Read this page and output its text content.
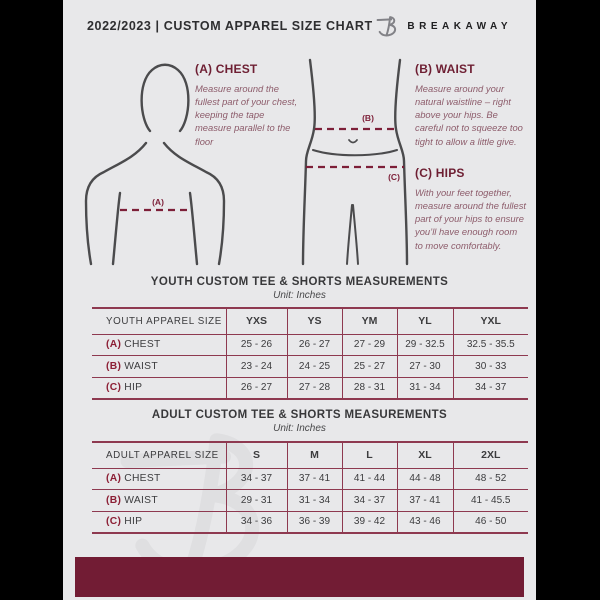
2022/2023 | CUSTOM APPAREL SIZE CHART	BREAKAWAY
(A)
(B)
(C)
(A) CHEST

Measure around the fullest part of your chest, keeping the tape measure parallel to the floor

(B) WAIST

Measure around your natural waistline – right above your hips. Be careful not to squeeze too tight to allow a little give.

(C) HIPS

With your feet together, measure around the fullest part of your hips to ensure you’ll have enough room to move comfortably.

YOUTH CUSTOM TEE & SHORTS MEASUREMENTS
Unit: Inches
YOUTH APPAREL SIZE	YXS	YS	YM	YL	YXL
(A) CHEST	25 - 26	26 - 27	27 - 29	29 - 32.5	32.5 - 35.5
(B) WAIST	23 - 24	24 - 25	25 - 27	27 - 30	30 - 33
(C) HIP	26 - 27	27 - 28	28 - 31	31 - 34	34 - 37
ADULT CUSTOM TEE & SHORTS MEASUREMENTS
Unit: Inches
ADULT APPAREL SIZE	S	M	L	XL	2XL
(A) CHEST	34 - 37	37 - 41	41 - 44	44 - 48	48 - 52
(B) WAIST	29 - 31	31 - 34	34 - 37	37 - 41	41 - 45.5
(C) HIP	34 - 36	36 - 39	39 - 42	43 - 46	46 - 50
